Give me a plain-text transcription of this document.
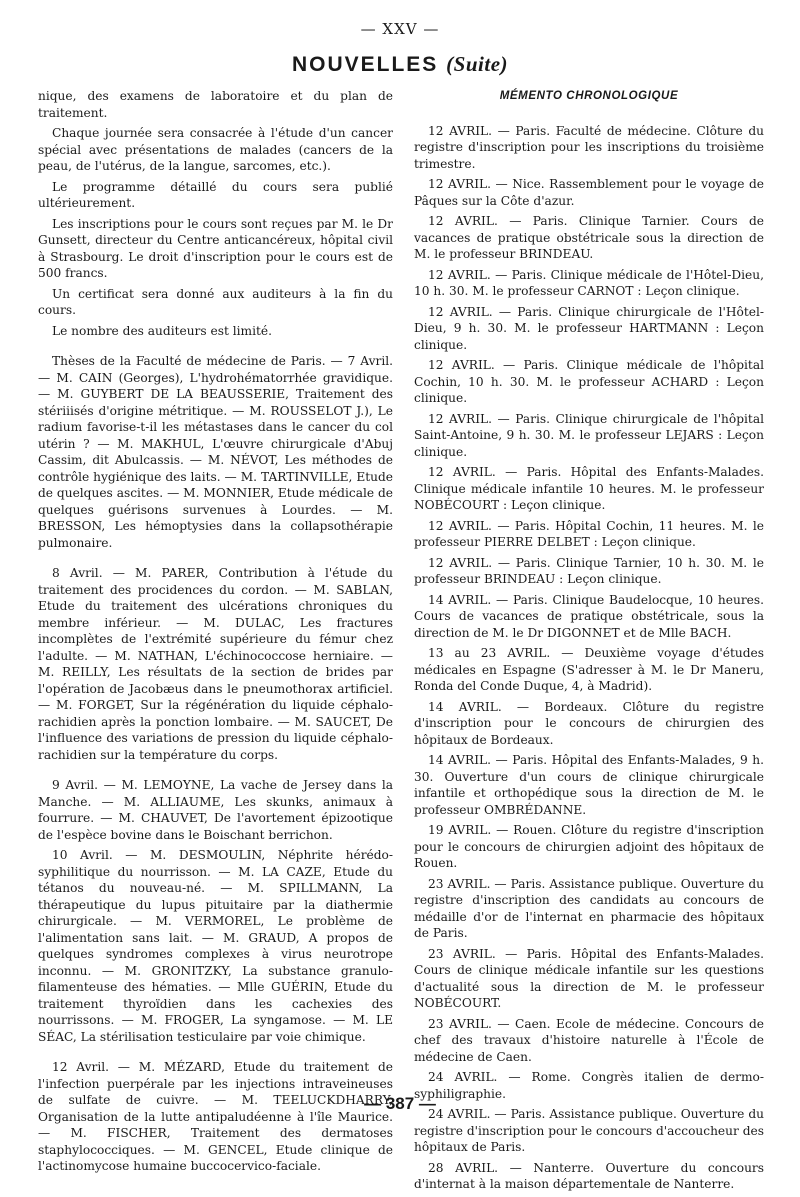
— XXV —
NOUVELLES (Suite)

nique, des examens de laboratoire et du plan de traitement.

Chaque journée sera consacrée à l'étude d'un cancer spécial avec présentations de malades (cancers de la peau, de l'utérus, de la langue, sarcomes, etc.).

Le programme détaillé du cours sera publié ultérieurement.

Les inscriptions pour le cours sont reçues par M. le Dr Gunsett, directeur du Centre anticancéreux, hôpital civil à Strasbourg. Le droit d'inscription pour le cours est de 500 francs.

Un certificat sera donné aux auditeurs à la fin du cours.

Le nombre des auditeurs est limité.

Thèses de la Faculté de médecine de Paris. — 7 Avril. — M. CAIN (Georges), L'hydrohématorrhée gravidique. — M. GUYBERT DE LA BEAUSSERIE, Traitement des stériiisés d'origine métritique. — M. ROUSSELOT J.), Le radium favorise-t-il les métastases dans le cancer du col utérin ? — M. MAKHUL, L'œuvre chirurgicale d'Abuj Cassim, dit Abulcassis. — M. NÉVOT, Les méthodes de contrôle hygiénique des laits. — M. TARTINVILLE, Etude de quelques ascites. — M. MONNIER, Etude médicale de quelques guérisons survenues à Lourdes. — M. BRESSON, Les hémoptysies dans la collapsothérapie pulmonaire.

8 Avril. — M. PARER, Contribution à l'étude du traitement des procidences du cordon. — M. SABLAN, Etude du traitement des ulcérations chroniques du membre inférieur. — M. DULAC, Les fractures incomplètes de l'extrémité supérieure du fémur chez l'adulte. — M. NATHAN, L'échinococcose herniaire. — M. REILLY, Les résultats de la section de brides par l'opération de Jacobæus dans le pneumothorax artificiel. — M. FORGET, Sur la régénération du liquide céphalo-rachidien après la ponction lombaire. — M. SAUCET, De l'influence des variations de pression du liquide céphalo-rachidien sur la température du corps.

9 Avril. — M. LEMOYNE, La vache de Jersey dans la Manche. — M. ALLIAUME, Les skunks, animaux à fourrure. — M. CHAUVET, De l'avortement épizootique de l'espèce bovine dans le Boischant berrichon.

10 Avril. — M. DESMOULIN, Néphrite hérédo-syphilitique du nourrisson. — M. LA CAZE, Etude du tétanos du nouveau-né. — M. SPILLMANN, La thérapeutique du lupus pituitaire par la diathermie chirurgicale. — M. VERMOREL, Le problème de l'alimentation sans lait. — M. GRAUD, A propos de quelques syndromes complexes à virus neurotrope inconnu. — M. GRONITZKY, La substance granulo-filamenteuse des hématies. — Mlle GUÉRIN, Etude du traitement thyroïdien dans les cachexies des nourrissons. — M. FROGER, La syngamose. — M. LE SÉAC, La stérilisation testiculaire par voie chimique.

12 Avril. — M. MÉZARD, Etude du traitement de l'infection puerpérale par les injections intraveineuses de sulfate de cuivre. — M. TEELUCKDHARRY, Organisation de la lutte antipaludéenne à l'île Maurice. — M. FISCHER, Traitement des dermatoses staphylococciques. — M. GENCEL, Etude clinique de l'actinomycose humaine buccocervico-faciale.

MÉMENTO CHRONOLOGIQUE

12 AVRIL. — Paris. Faculté de médecine. Clôture du registre d'inscription pour les inscriptions du troisième trimestre.

12 AVRIL. — Nice. Rassemblement pour le voyage de Pâques sur la Côte d'azur.

12 AVRIL. — Paris. Clinique Tarnier. Cours de vacances de pratique obstétricale sous la direction de M. le professeur BRINDEAU.

12 AVRIL. — Paris. Clinique médicale de l'Hôtel-Dieu, 10 h. 30. M. le professeur CARNOT : Leçon clinique.

12 AVRIL. — Paris. Clinique chirurgicale de l'Hôtel-Dieu, 9 h. 30. M. le professeur HARTMANN : Leçon clinique.

12 AVRIL. — Paris. Clinique médicale de l'hôpital Cochin, 10 h. 30. M. le professeur ACHARD : Leçon clinique.

12 AVRIL. — Paris. Clinique chirurgicale de l'hôpital Saint-Antoine, 9 h. 30. M. le professeur LEJARS : Leçon clinique.

12 AVRIL. — Paris. Hôpital des Enfants-Malades. Clinique médicale infantile 10 heures. M. le professeur NOBÉCOURT : Leçon clinique.

12 AVRIL. — Paris. Hôpital Cochin, 11 heures. M. le professeur PIERRE DELBET : Leçon clinique.

12 AVRIL. — Paris. Clinique Tarnier, 10 h. 30. M. le professeur BRINDEAU : Leçon clinique.

14 AVRIL. — Paris. Clinique Baudelocque, 10 heures. Cours de vacances de pratique obstétricale, sous la direction de M. le Dr DIGONNET et de Mlle BACH.

13 au 23 AVRIL. — Deuxième voyage d'études médicales en Espagne (S'adresser à M. le Dr Maneru, Ronda del Conde Duque, 4, à Madrid).

14 AVRIL. — Bordeaux. Clôture du registre d'inscription pour le concours de chirurgien des hôpitaux de Bordeaux.

14 AVRIL. — Paris. Hôpital des Enfants-Malades, 9 h. 30. Ouverture d'un cours de clinique chirurgicale infantile et orthopédique sous la direction de M. le professeur OMBRÉDANNE.

19 AVRIL. — Rouen. Clôture du registre d'inscription pour le concours de chirurgien adjoint des hôpitaux de Rouen.

23 AVRIL. — Paris. Assistance publique. Ouverture du registre d'inscription des candidats au concours de médaille d'or de l'internat en pharmacie des hôpitaux de Paris.

23 AVRIL. — Paris. Hôpital des Enfants-Malades. Cours de clinique médicale infantile sur les questions d'actualité sous la direction de M. le professeur NOBÉCOURT.

23 AVRIL. — Caen. Ecole de médecine. Concours de chef des travaux d'histoire naturelle à l'École de médecine de Caen.

24 AVRIL. — Rome. Congrès italien de dermo-syphiligraphie.

24 AVRIL. — Paris. Assistance publique. Ouverture du registre d'inscription pour le concours d'accoucheur des hôpitaux de Paris.

28 AVRIL. — Nanterre. Ouverture du concours d'internat à la maison départementale de Nanterre.

— 387 —
